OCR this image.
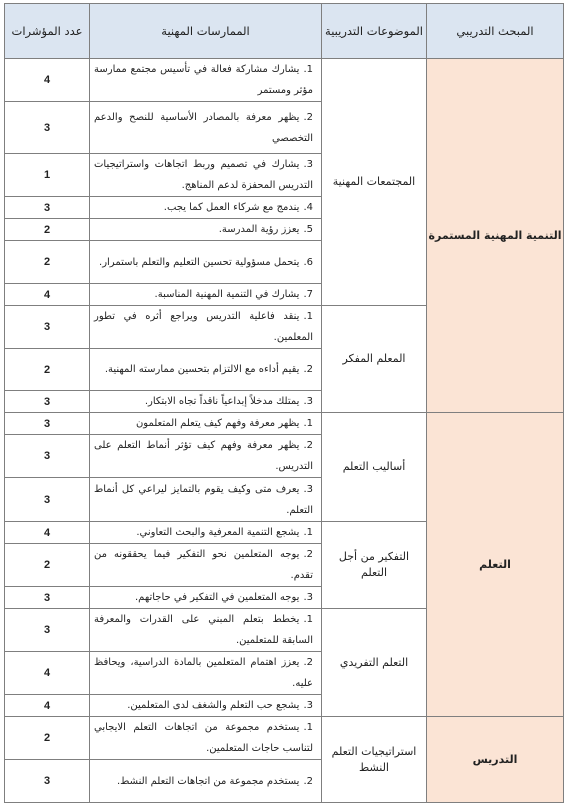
المبحث التدريبي	الموضوعات التدريبية	الممارسات المهنية	عدد المؤشرات
التنمية المهنية المستمرة	المجتمعات المهنية	1.يشارك مشاركة فعالة في تأسيس مجتمع ممارسة مؤثر ومستمر	4
		2.يظهر معرفة بالمصادر الأساسية للنصح والدعم التخصصي	3
		3.يشارك في تصميم وربط اتجاهات واستراتيجيات التدريس المحفزة لدعم المناهج.	1
		4.يندمج مع شركاء العمل كما يجب.	3
		5.يعزز رؤية المدرسة.	2
		6.يتحمل مسؤولية تحسين التعليم والتعلم باستمرار.	2
		7.يشارك في التنمية المهنية المناسبة.	4
	المعلم المفكر	1.ينقد فاعلية التدريس ويراجع أثره في تطور المعلمين.	3
		2.يقيم أداءه مع الالتزام بتحسين ممارسته المهنية.	2
		3.يمتلك مدخلاً إبداعياً ناقداً تجاه الابتكار.	3
التعلم	أساليب التعلم	1.يظهر معرفة وفهم كيف يتعلم المتعلمون	3
		2.يظهر معرفة وفهم كيف تؤثر أنماط التعلم على التدريس.	3
		3.يعرف متى وكيف يقوم بالتمايز ليراعي كل أنماط التعلم.	3
	التفكير من أجل التعلم	1.يشجع التنمية المعرفية والبحث التعاوني.	4
		2.يوجه المتعلمين نحو التفكير فيما يحققونه من تقدم.	2
		3.يوجه المتعلمين في التفكير في حاجاتهم.	3
	التعلم التفريدي	1.يخطط بتعلم المبني على القدرات والمعرفة السابقة للمتعلمين.	3
		2.يعزز اهتمام المتعلمين بالمادة الدراسية، ويحافظ عليه.	4
		3.يشجع حب التعلم والشغف لدى المتعلمين.	4
التدريس	استراتيجيات التعلم النشط	1.يستخدم مجموعة من اتجاهات التعلم الايجابي لتناسب حاجات المتعلمين.	2
		2.يستخدم مجموعة من اتجاهات التعلم النشط.	3
